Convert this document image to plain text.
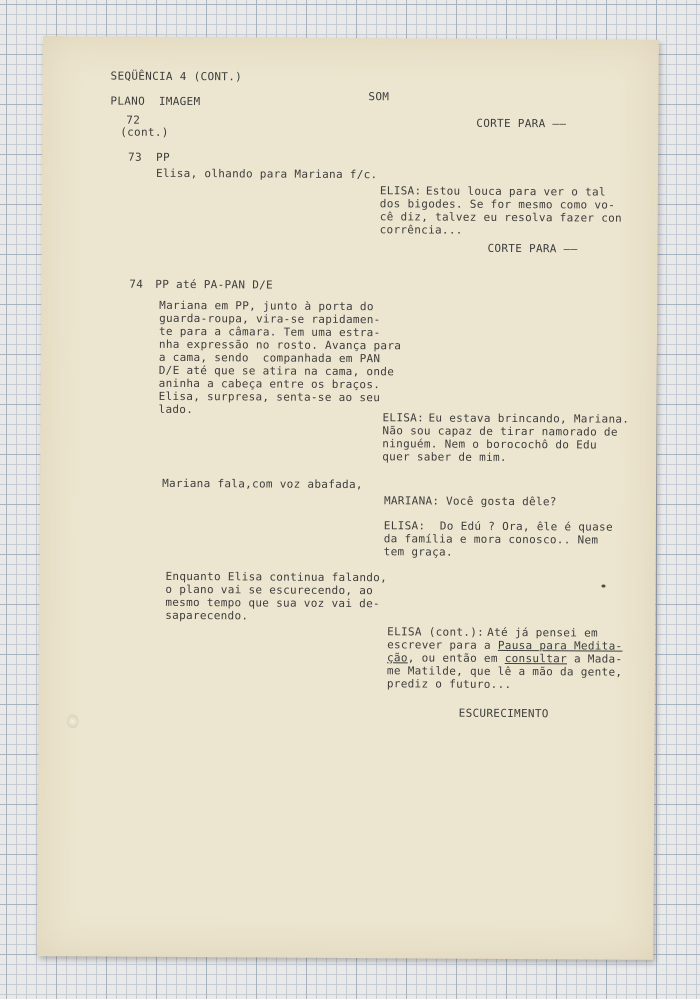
SEQÜÊNCIA 4 (CONT.)
PLANO  IMAGEM	SOM
72
(cont.)
CORTE PARA ——
73 PP
Elisa, olhando para Mariana f/c.
ELISA: Estou louca para ver o tal
dos bigodes. Se for mesmo como vo-
cê diz, talvez eu resolva fazer con
corrência...
CORTE PARA ——
74 PP até PA-PAN D/E
Mariana em PP, junto à porta do
guarda-roupa, vira-se rapidamen-
te para a câmara. Tem uma estra-
nha expressão no rosto. Avança para
a cama, sendo  companhada em PAN
D/E até que se atira na cama, onde
aninha a cabeça entre os braços.
Elisa, surpresa, senta-se ao seu
lado.
ELISA: Eu estava brincando, Mariana.
Não sou capaz de tirar namorado de
ninguém. Nem o borocochô do Edu
quer saber de mim.
Mariana fala,com voz abafada,
MARIANA: Você gosta dêle?
ELISA: Do Edú ? Ora, êle é quase
da família e mora conosco.. Nem
tem graça.
Enquanto Elisa continua falando,
o plano vai se escurecendo, ao
mesmo tempo que sua voz vai de-
saparecendo.
ELISA (cont.): Até já pensei em
escrever para a Pausa para Medita-
ção, ou então em consultar a Mada-
me Matilde, que lê a mão da gente,
prediz o futuro...
ESCURECIMENTO
